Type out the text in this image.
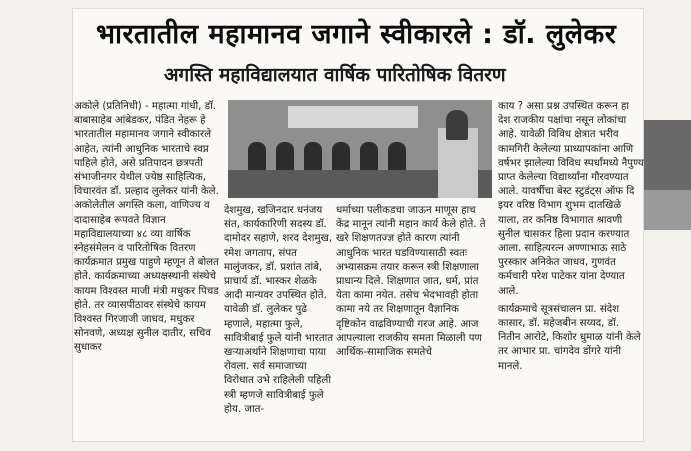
भारतातील महामानव जगाने स्वीकारले : डॉ. लुलेकर
अगस्ति महाविद्यालयात वार्षिक पारितोषिक वितरण

अकोले (प्रतिनिधी) - महात्मा गांधी, डॉ. बाबासाहेब आंबेडकर, पंडित नेहरू हे भारतातील महामानव जगाने स्वीकारले आहेत, त्यांनी आधुनिक भारताचे स्वप्न पाहिले होते, असे प्रतिपादन छत्रपती संभाजीनगर येथील ज्येष्ठ साहित्यिक, विचारवंत डॉ. प्रल्हाद लुलेकर यांनी केले. अकोलेतील अगस्ति कला, वाणिज्य व दादासाहेब रूपवते विज्ञान महाविद्यालयाच्या ४८ व्या वार्षिक स्नेहसंमेलन व पारितोषिक वितरण कार्यक्रमात प्रमुख पाहुणे म्हणून ते बोलत होते. कार्यक्रमाच्या अध्यक्षस्थानी संस्थेचे कायम विश्वस्त माजी मंत्री मधुकर पिचड होते. तर व्यासपीठावर संस्थेचे कायम विश्वस्त गिरजाजी जाधव, मधुकर सोनवणे, अध्यक्ष सुनील दातीर, सचिव सुधाकर

देशमुख, खजिनदार धनंजय संत, कार्यकारिणी सदस्य डॉ. दामोदर सहाणे, शरद देशमुख, रमेश जगताप, संपत मालुंजकर, डॉ. प्रशांत तांबे, प्राचार्य डॉ. भास्कर शेळके आदी मान्यवर उपस्थित होते. यावेळी डॉ. लुलेकर पुढे म्हणाले, महात्मा फुले, सावित्रीबाई फुले यांनी भारतात खऱ्याअर्थाने शिक्षणाचा पाया रोवला. सर्व समाजाच्या विरोधात उभे राहिलेली पहिली स्त्री म्हणजे सावित्रीबाई फुले होय. जात-

धर्माच्या पलीकडचा जाऊन माणूस हाच केंद्र मानून त्यांनी महान कार्य केले होते. ते खरे शिक्षणतज्ज्ञ होते कारण त्यांनी आधुनिक भारत घडविण्यासाठी स्वतः अभ्यासक्रम तयार करून स्त्री शिक्षणाला प्राधान्य दिले. शिक्षणात जात, धर्म, प्रांत येता कामा नयेत. तसेच भेदभावही होता कामा नये तर शिक्षणातून वैज्ञानिक दृष्टिकोन वाढविण्याची गरज आहे. आज आपल्याला राजकीय समता मिळाली पण आर्थिक-सामाजिक समतेचे

काय ? असा प्रश्न उपस्थित करून हा देश राजकीय पक्षांचा नसून लोकांचा आहे. यावेळी विविध क्षेत्रात भरीव कामगिरी केलेल्या प्राध्यापकांना आणि वर्षभर झालेल्या विविध स्पर्धांमध्ये नैपुण्य प्राप्त केलेल्या विद्यार्थ्यांना गौरवण्यात आले. यावर्षीचा बेस्ट स्टुडंट्स ऑफ दि इयर वरिष्ठ विभाग शुभम दातखिळे याला, तर कनिष्ठ विभागात श्रावणी सुनील चासकर हिला प्रदान करण्यात आला. साहित्यरत्न अण्णाभाऊ साठे पुरस्कार अनिकेत जाधव, गुणवंत कर्मचारी परेश पाटेकर यांना देण्यात आले.

कार्यक्रमाचे सूत्रसंचालन प्रा. संदेश कासार, डॉ. महेजबीन सय्यद, डॉ. नितीन आरोटे, किशोर धुमाळ यांनी केले तर आभार प्रा. चांगदेव डोंगरे यांनी मानले.
